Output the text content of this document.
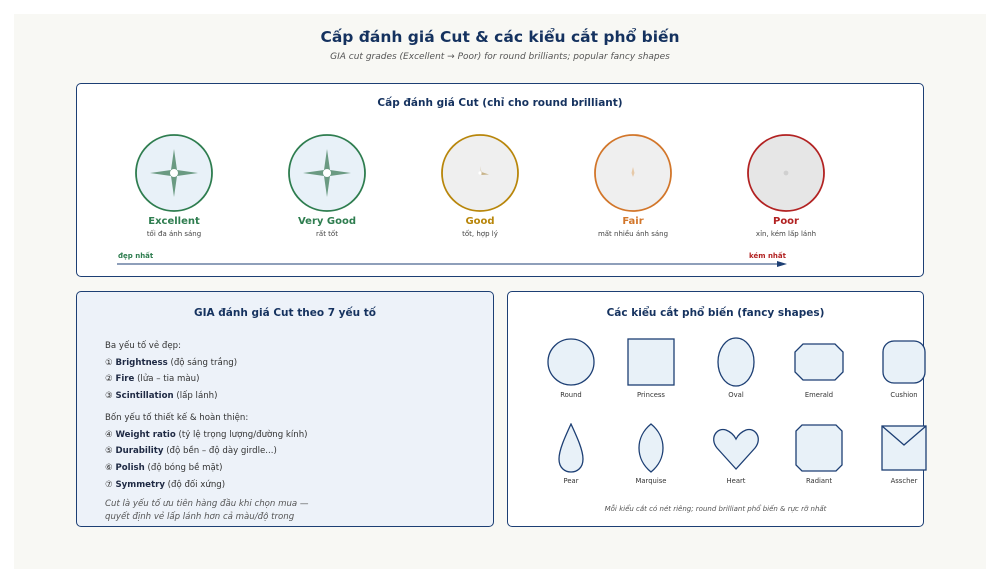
Cấp đánh giá Cut & các kiểu cắt phổ biến
GIA cut grades (Excellent → Poor) for round brilliants; popular fancy shapes
Cấp đánh giá Cut (chỉ cho round brilliant)
Excellent
tối đa ánh sáng
Very Good
rất tốt
Good
tốt, hợp lý
Fair
mất nhiều ánh sáng
Poor
xỉn, kém lấp lánh
đẹp nhất	kém nhất
GIA đánh giá Cut theo 7 yếu tố
Ba yếu tố vẻ đẹp:
① Brightness (độ sáng trắng)
② Fire (lửa – tia màu)
③ Scintillation (lấp lánh)
Bốn yếu tố thiết kế & hoàn thiện:
④ Weight ratio (tỷ lệ trọng lượng/đường kính)
⑤ Durability (độ bền – độ dày girdle...)
⑥ Polish (độ bóng bề mặt)
⑦ Symmetry (độ đối xứng)
Cut là yếu tố ưu tiên hàng đầu khi chọn mua —
quyết định vẻ lấp lánh hơn cả màu/độ trong
Các kiểu cắt phổ biến (fancy shapes)
Round	Princess	Oval	Emerald	Cushion
Pear	Marquise	Heart	Radiant	Asscher
Mỗi kiểu cắt có nét riêng; round brilliant phổ biến & rực rỡ nhất
